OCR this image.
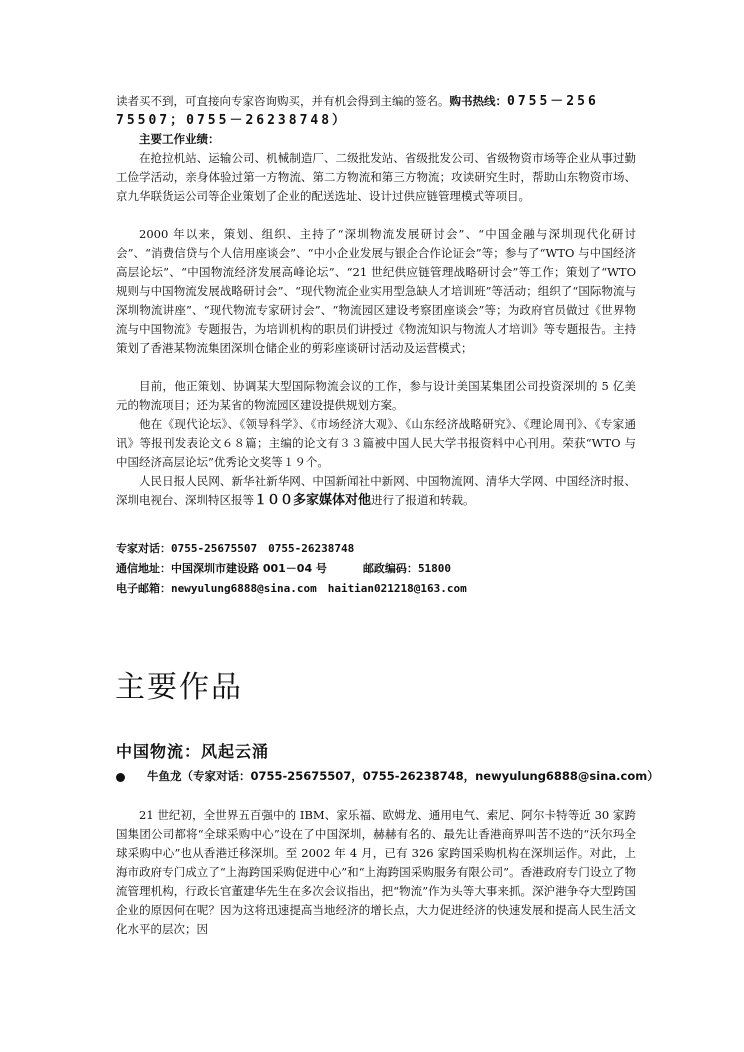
读者买不到，可直接向专家咨询购买，并有机会得到主编的签名。购书热线：0755－256
75507；0755－26238748）

主要工作业绩：

在抢拉机站、运输公司、机械制造厂、二级批发站、省级批发公司、省级物资市场等企业从事过勤工俭学活动，亲身体验过第一方物流、第二方物流和第三方物流；攻读研究生时，帮助山东物资市场、京九华联货运公司等企业策划了企业的配送选址、设计过供应链管理模式等项目。

2000 年以来，策划、组织、主持了“深圳物流发展研讨会”、“中国金融与深圳现代化研讨会”、“消费信贷与个人信用座谈会”、“中小企业发展与银企合作论证会”等；参与了“WTO 与中国经济高层论坛”、“中国物流经济发展高峰论坛”、“21 世纪供应链管理战略研讨会”等工作；策划了“WTO 规则与中国物流发展战略研讨会”、“现代物流企业实用型急缺人才培训班”等活动；组织了“国际物流与深圳物流讲座”、“现代物流专家研讨会”、“物流园区建设考察团座谈会”等；为政府官员做过《世界物流与中国物流》专题报告，为培训机构的职员们讲授过《物流知识与物流人才培训》等专题报告。主持策划了香港某物流集团深圳仓储企业的剪彩座谈研讨活动及运营模式；

目前，他正策划、协调某大型国际物流会议的工作，参与设计美国某集团公司投资深圳的 5 亿美元的物流项目；还为某省的物流园区建设提供规划方案。

他在《现代论坛》、《领导科学》、《市场经济大观》、《山东经济战略研究》、《理论周刊》、《专家通讯》等报刊发表论文６８篇；主编的论文有３３篇被中国人民大学书报资料中心刊用。荣获“WTO 与中国经济高层论坛”优秀论文奖等１９个。

人民日报人民网、新华社新华网、中国新闻社中新网、中国物流网、清华大学网、中国经济时报、深圳电视台、深圳特区报等１００多家媒体对他进行了报道和转载。

专家对话：0755-25675507　0755-26238748
通信地址：中国深圳市建设路 001－04 号	邮政编码：51800
电子邮箱：newyulung6888@sina.com　haitian021218@163.com
主要作品
中国物流：风起云涌
牛鱼龙（专家对话：0755-25675507，0755-26238748，newyulung6888@sina.com）

21 世纪初，全世界五百强中的 IBM、家乐福、欧姆龙、通用电气、索尼、阿尔卡特等近 30 家跨国集团公司都将“全球采购中心”设在了中国深圳，赫赫有名的、最先让香港商界叫苦不迭的“沃尔玛全球采购中心”也从香港迁移深圳。至 2002 年 4 月，已有 326 家跨国采购机构在深圳运作。对此，上海市政府专门成立了“上海跨国采购促进中心”和“上海跨国采购服务有限公司”。香港政府专门设立了物流管理机构，行政长官董建华先生在多次会议指出，把“物流”作为头等大事来抓。深沪港争夺大型跨国企业的原因何在呢？因为这将迅速提高当地经济的增长点，大力促进经济的快速发展和提高人民生活文化水平的层次；因
